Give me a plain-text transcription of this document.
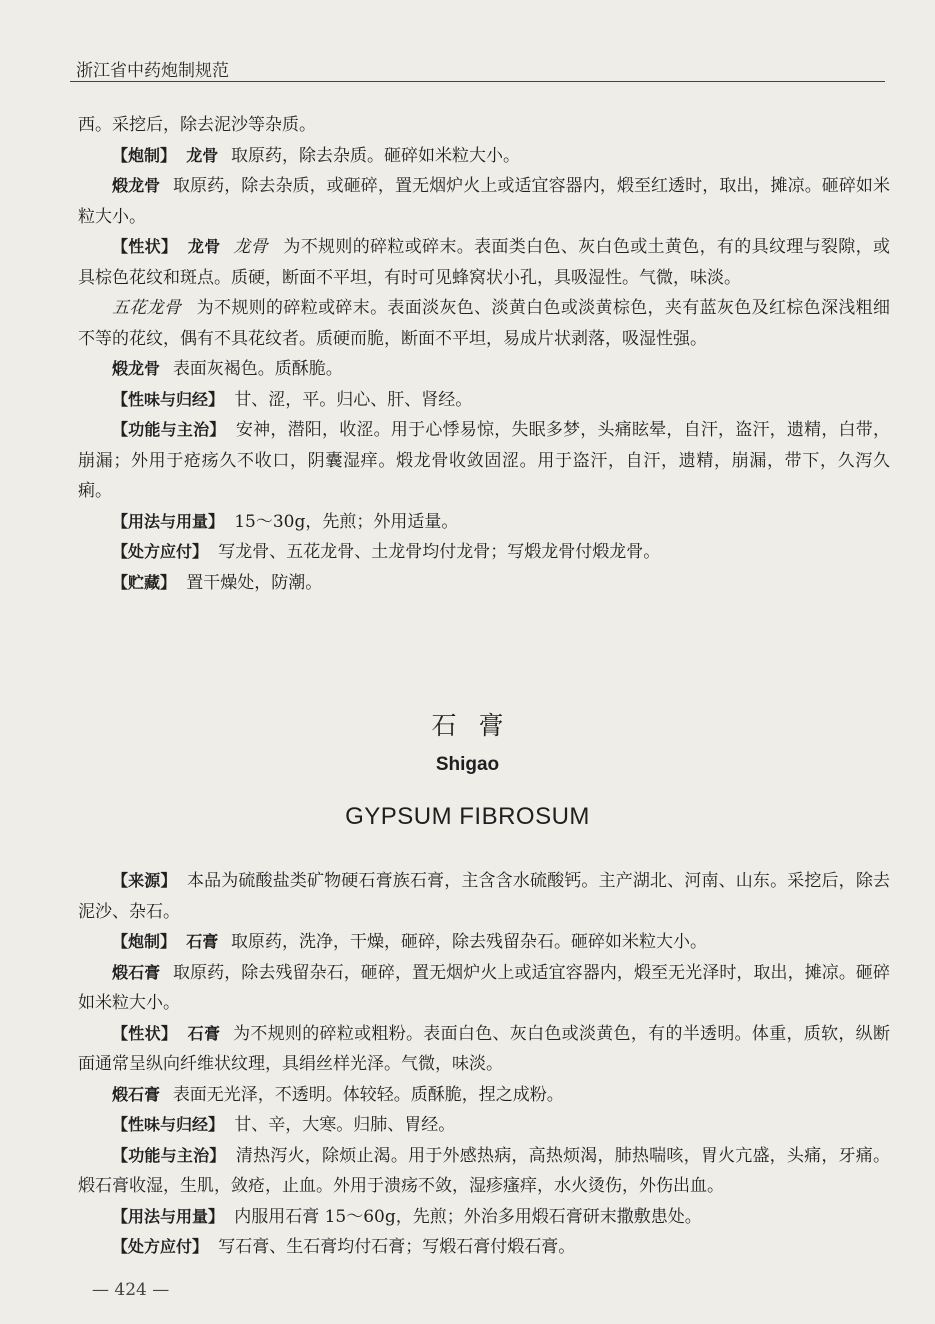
浙江省中药炮制规范

西。采挖后，除去泥沙等杂质。

【炮制】 龙骨 取原药，除去杂质。砸碎如米粒大小。

煅龙骨 取原药，除去杂质，或砸碎，置无烟炉火上或适宜容器内，煅至红透时，取出，摊凉。砸碎如米粒大小。

【性状】 龙骨 龙骨 为不规则的碎粒或碎末。表面类白色、灰白色或土黄色，有的具纹理与裂隙，或具棕色花纹和斑点。质硬，断面不平坦，有时可见蜂窝状小孔，具吸湿性。气微，味淡。

五花龙骨 为不规则的碎粒或碎末。表面淡灰色、淡黄白色或淡黄棕色，夹有蓝灰色及红棕色深浅粗细不等的花纹，偶有不具花纹者。质硬而脆，断面不平坦，易成片状剥落，吸湿性强。

煅龙骨 表面灰褐色。质酥脆。

【性味与归经】 甘、涩，平。归心、肝、肾经。

【功能与主治】 安神，潜阳，收涩。用于心悸易惊，失眠多梦，头痛眩晕，自汗，盗汗，遗精，白带，崩漏；外用于疮疡久不收口，阴囊湿痒。煅龙骨收敛固涩。用于盗汗，自汗，遗精，崩漏，带下，久泻久痢。

【用法与用量】 15～30g，先煎；外用适量。

【处方应付】 写龙骨、五花龙骨、土龙骨均付龙骨；写煅龙骨付煅龙骨。

【贮藏】 置干燥处，防潮。

石膏
Shigao
GYPSUM FIBROSUM

【来源】 本品为硫酸盐类矿物硬石膏族石膏，主含含水硫酸钙。主产湖北、河南、山东。采挖后，除去泥沙、杂石。

【炮制】 石膏 取原药，洗净，干燥，砸碎，除去残留杂石。砸碎如米粒大小。

煅石膏 取原药，除去残留杂石，砸碎，置无烟炉火上或适宜容器内，煅至无光泽时，取出，摊凉。砸碎如米粒大小。

【性状】 石膏 为不规则的碎粒或粗粉。表面白色、灰白色或淡黄色，有的半透明。体重，质软，纵断面通常呈纵向纤维状纹理，具绢丝样光泽。气微，味淡。

煅石膏 表面无光泽，不透明。体较轻。质酥脆，捏之成粉。

【性味与归经】 甘、辛，大寒。归肺、胃经。

【功能与主治】 清热泻火，除烦止渴。用于外感热病，高热烦渴，肺热喘咳，胃火亢盛，头痛，牙痛。煅石膏收湿，生肌，敛疮，止血。外用于溃疡不敛，湿疹瘙痒，水火烫伤，外伤出血。

【用法与用量】 内服用石膏 15～60g，先煎；外治多用煅石膏研末撒敷患处。

【处方应付】 写石膏、生石膏均付石膏；写煅石膏付煅石膏。

— 424 —
